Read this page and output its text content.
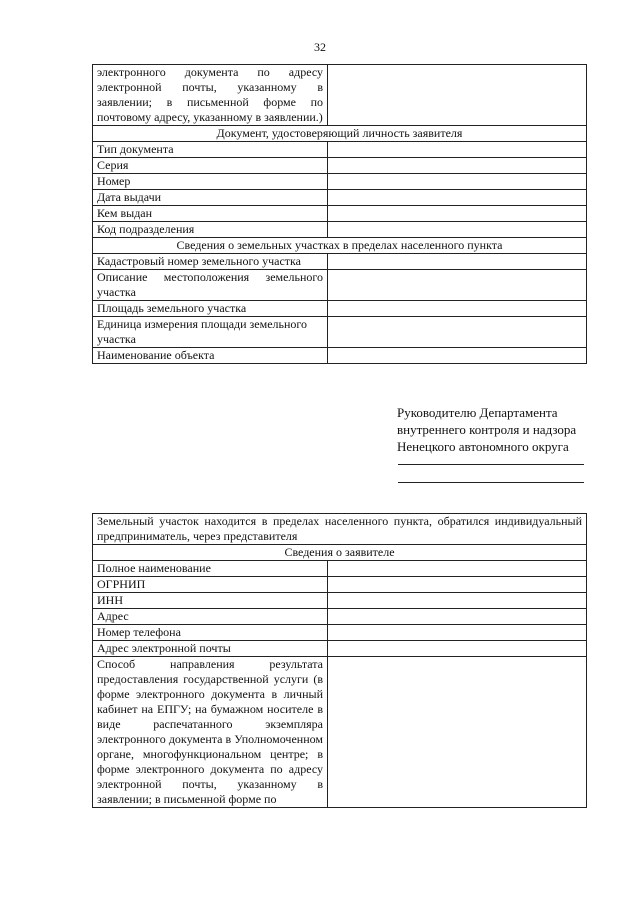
32
электронного документа по адресу электронной почты, указанному в заявлении; в письменной форме по почтовому адресу, указанному в заявлении.)	
Документ, удостоверяющий личность заявителя	
Тип документа	
Серия	
Номер	
Дата выдачи	
Кем выдан	
Код подразделения	
Сведения о земельных участках в пределах населенного пункта	
Кадастровый номер земельного участка	
Описание местоположения земельного участка	
Площадь земельного участка	
Единица измерения площади земельного участка	
Наименование объекта	
Руководителю Департамента
внутреннего контроля и надзора
Ненецкого автономного округа
Земельный участок находится в пределах населенного пункта, обратился индивидуальный предприниматель, через представителя	
Сведения о заявителе	
Полное наименование	
ОГРНИП	
ИНН	
Адрес	
Номер телефона	
Адрес электронной почты	
Способ направления результата предоставления государственной услуги (в форме электронного документа в личный кабинет на ЕПГУ; на бумажном носителе в виде распечатанного экземпляра электронного документа в Уполномоченном органе, многофункциональном центре; в форме электронного документа по адресу электронной почты, указанному в заявлении; в письменной форме по	
